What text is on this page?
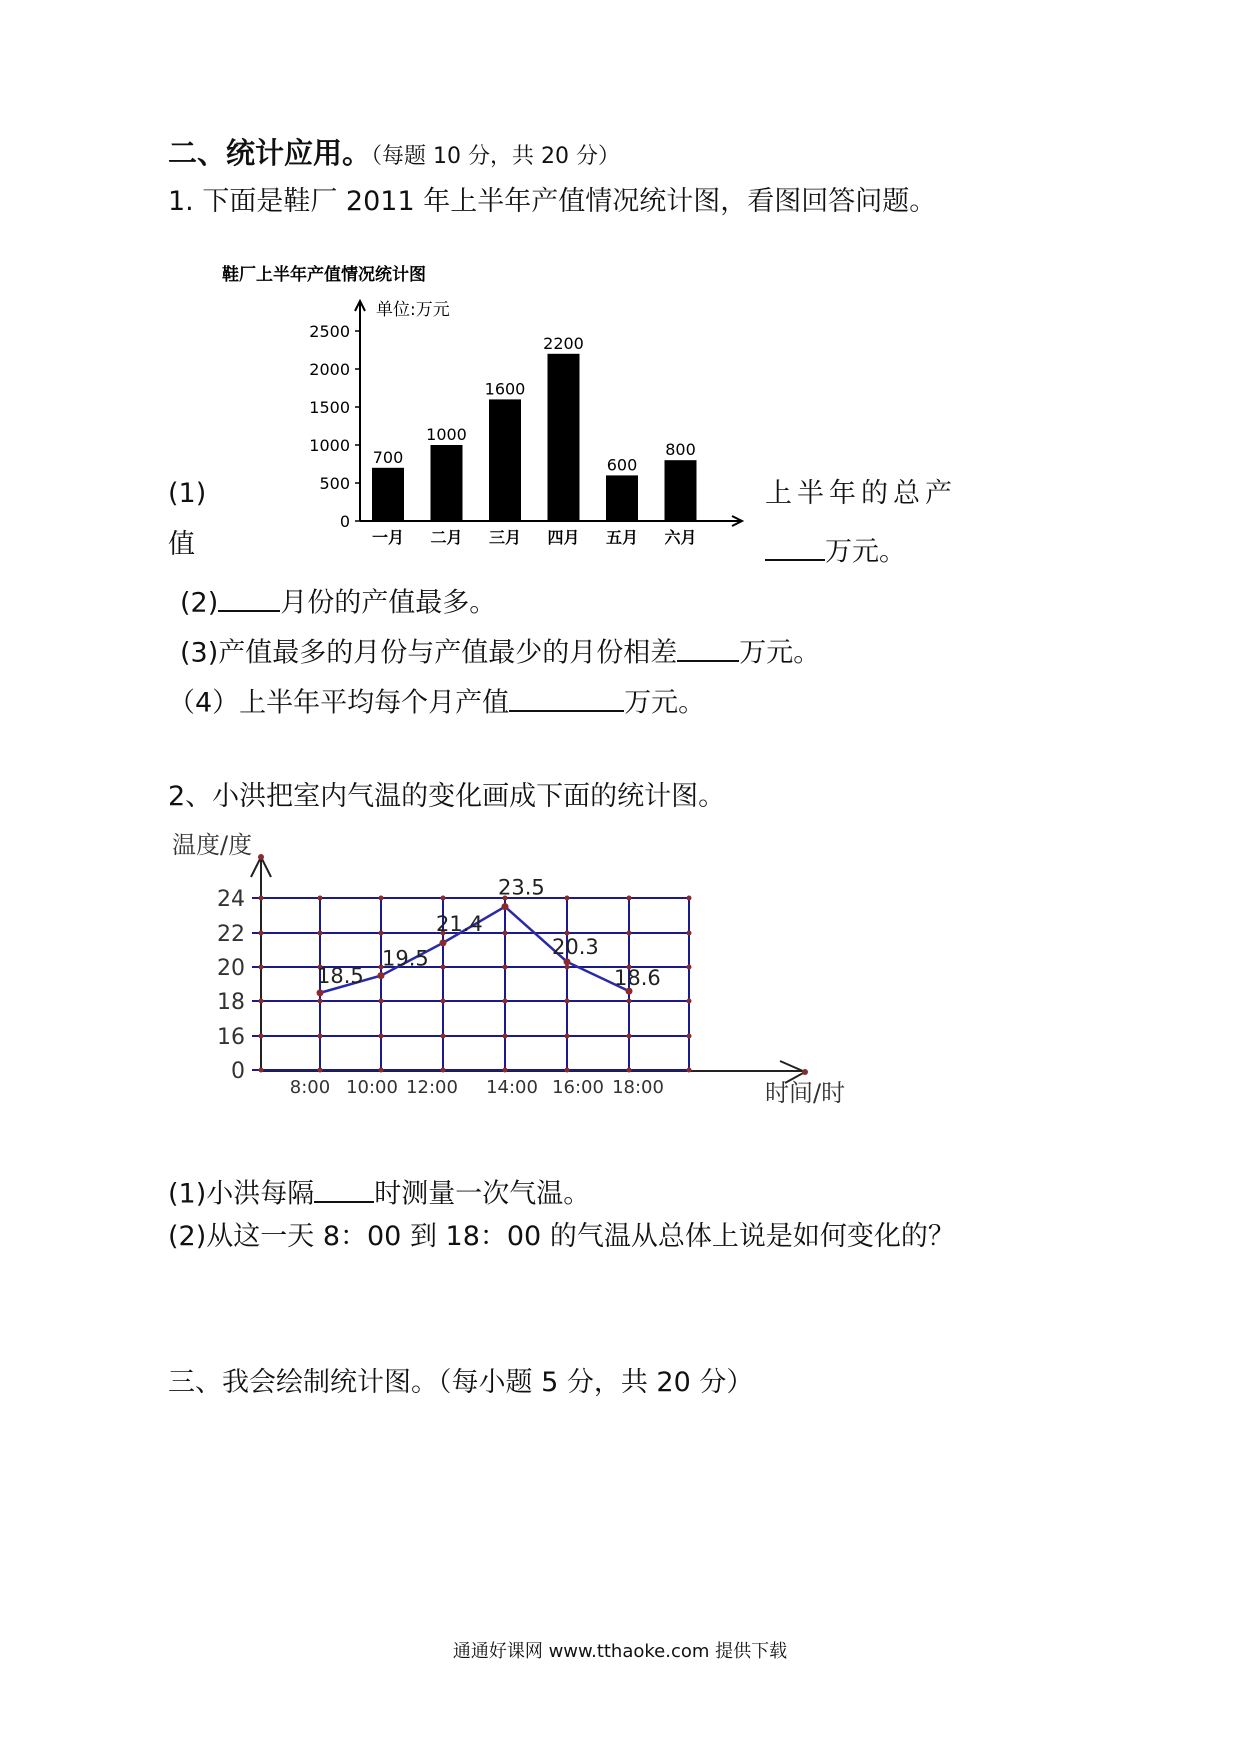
二、统计应用。（每题 10 分，共 20 分）
1. 下面是鞋厂 2011 年上半年产值情况统计图，看图回答问题。
鞋厂上半年产值情况统计图
单位:万元
0
500
1000
1500
2000
2500
700
一月
1000
二月
1600
三月
2200
四月
600
五月
800
六月
(1)	上半年的总产
值	万元。
(2) 月份的产值最多。
(3)产值最多的月份与产值最少的月份相差 万元。
（4）上半年平均每个月产值	万元。
2、小洪把室内气温的变化画成下面的统计图。
温度/度
时间/时
24
22
20
18
16
0
8:00 10:00 12:00 14:00 16:00 18:00
18.5
19.5
21.4
23.5
20.3
18.6
(1)小洪每隔 时测量一次气温。
(2)从这一天 8：00 到 18：00 的气温从总体上说是如何变化的？
三、我会绘制统计图。（每小题 5 分，共 20 分）
通通好课网 www.tthaoke.com 提供下载
